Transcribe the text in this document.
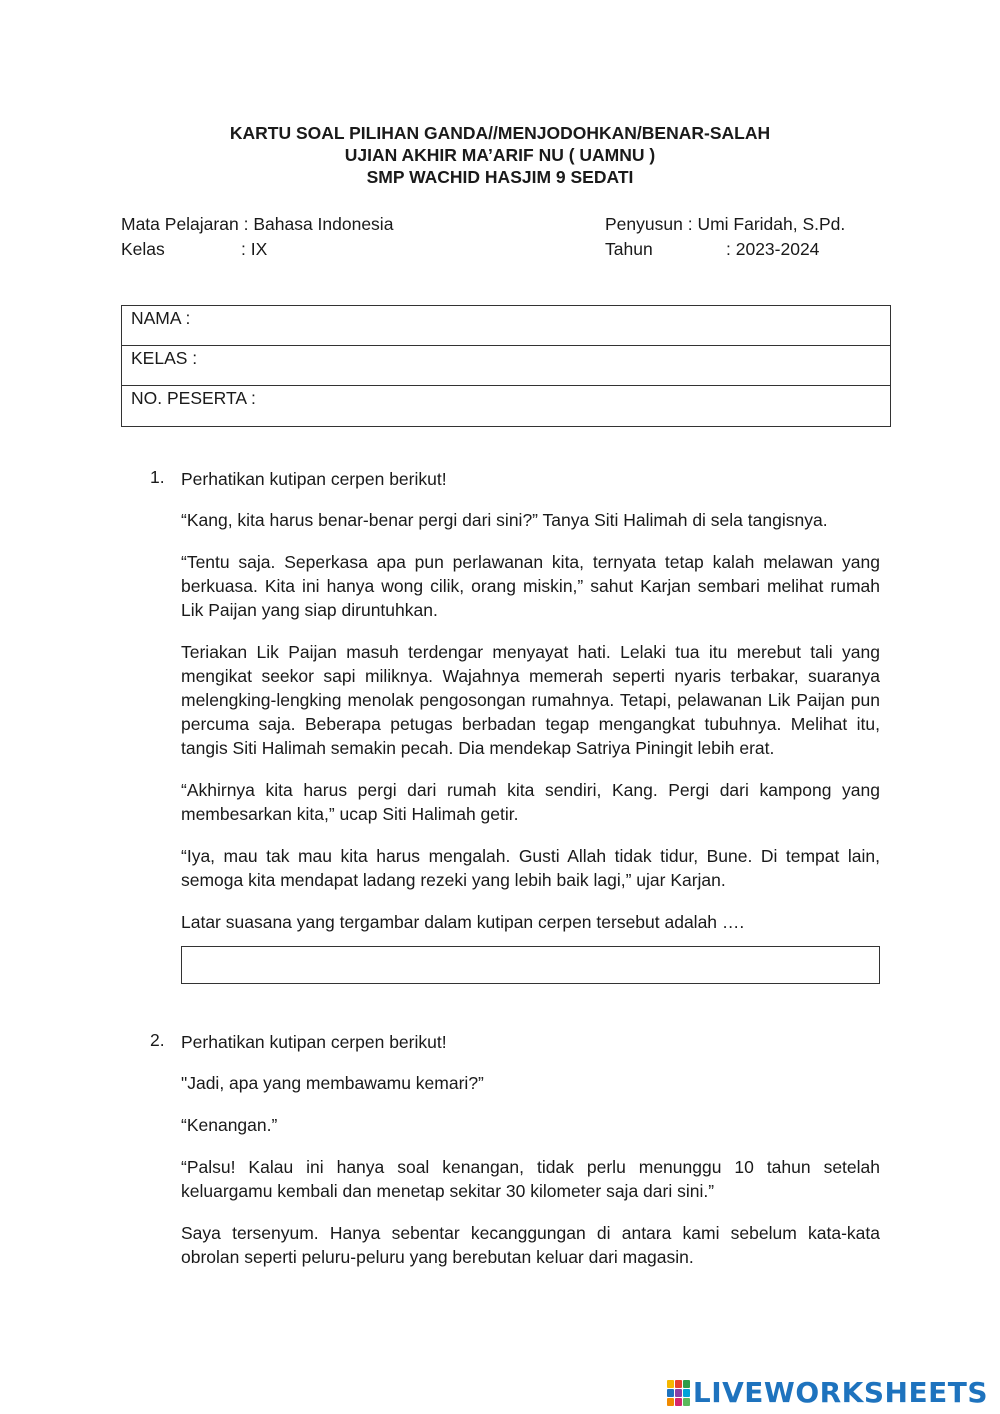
KARTU SOAL PILIHAN GANDA//MENJODOHKAN/BENAR-SALAH
UJIAN AKHIR MA’ARIF NU ( UAMNU )
SMP WACHID HASJIM 9 SEDATI
Mata Pelajaran
: Bahasa Indonesia
Kelas	: IX
Penyusun
: Umi Faridah, S.Pd.
Tahun	: 2023-2024
NAMA :
KELAS :
NO. PESERTA :
1. Perhatikan kutipan cerpen berikut!

“Kang, kita harus benar-benar pergi dari sini?” Tanya Siti Halimah di sela tangisnya.

“Tentu saja. Seperkasa apa pun perlawanan kita, ternyata tetap kalah melawan yang berkuasa. Kita ini hanya wong cilik, orang miskin,” sahut Karjan sembari melihat rumah Lik Paijan yang siap diruntuhkan.

Teriakan Lik Paijan masuh terdengar menyayat hati. Lelaki tua itu merebut tali yang mengikat seekor sapi miliknya. Wajahnya memerah seperti nyaris terbakar, suaranya melengking-lengking menolak pengosongan rumahnya. Tetapi, pelawanan Lik Paijan pun percuma saja. Beberapa petugas berbadan tegap mengangkat tubuhnya. Melihat itu, tangis Siti Halimah semakin pecah. Dia mendekap Satriya Piningit lebih erat.

“Akhirnya kita harus pergi dari rumah kita sendiri, Kang. Pergi dari kampong yang membesarkan kita,” ucap Siti Halimah getir.

“Iya, mau tak mau kita harus mengalah. Gusti Allah tidak tidur, Bune. Di tempat lain, semoga kita mendapat ladang rezeki yang lebih baik lagi,” ujar Karjan.

Latar suasana yang tergambar dalam kutipan cerpen tersebut adalah ….

2. Perhatikan kutipan cerpen berikut!

"Jadi, apa yang membawamu kemari?”

“Kenangan.”

“Palsu! Kalau ini hanya soal kenangan, tidak perlu menunggu 10 tahun setelah keluargamu kembali dan menetap sekitar 30 kilometer saja dari sini.”

Saya tersenyum. Hanya sebentar kecanggungan di antara kami sebelum kata-kata obrolan seperti peluru-peluru yang berebutan keluar dari magasin.

LIVEWORKSHEETS
